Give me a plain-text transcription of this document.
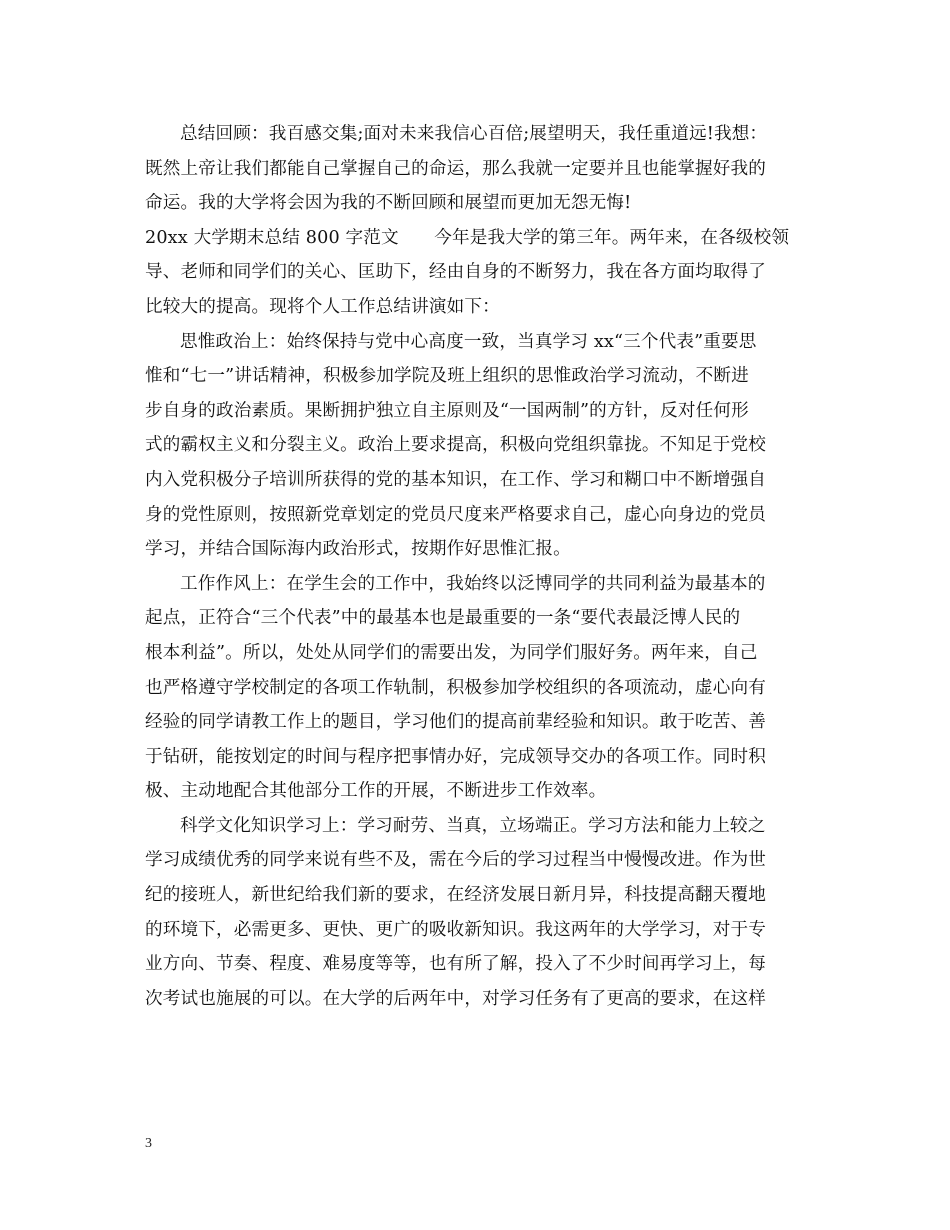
总结回顾：我百感交集;面对未来我信心百倍;展望明天，我任重道远!我想：
既然上帝让我们都能自己掌握自己的命运，那么我就一定要并且也能掌握好我的
命运。我的大学将会因为我的不断回顾和展望而更加无怨无悔!
20xx 大学期末总结 800 字范文　　今年是我大学的第三年。两年来，在各级校领
导、老师和同学们的关心、匡助下，经由自身的不断努力，我在各方面均取得了
比较大的提高。现将个人工作总结讲演如下：
思惟政治上：始终保持与党中心高度一致，当真学习 xx“三个代表”重要思
惟和“七一”讲话精神，积极参加学院及班上组织的思惟政治学习流动，不断进
步自身的政治素质。果断拥护独立自主原则及“一国两制”的方针，反对任何形
式的霸权主义和分裂主义。政治上要求提高，积极向党组织靠拢。不知足于党校
内入党积极分子培训所获得的党的基本知识，在工作、学习和糊口中不断增强自
身的党性原则，按照新党章划定的党员尺度来严格要求自己，虚心向身边的党员
学习，并结合国际海内政治形式，按期作好思惟汇报。
工作作风上：在学生会的工作中，我始终以泛博同学的共同利益为最基本的
起点，正符合“三个代表”中的最基本也是最重要的一条“要代表最泛博人民的
根本利益”。所以，处处从同学们的需要出发，为同学们服好务。两年来，自己
也严格遵守学校制定的各项工作轨制，积极参加学校组织的各项流动，虚心向有
经验的同学请教工作上的题目，学习他们的提高前辈经验和知识。敢于吃苦、善
于钻研，能按划定的时间与程序把事情办好，完成领导交办的各项工作。同时积
极、主动地配合其他部分工作的开展，不断进步工作效率。
科学文化知识学习上：学习耐劳、当真，立场端正。学习方法和能力上较之
学习成绩优秀的同学来说有些不及，需在今后的学习过程当中慢慢改进。作为世
纪的接班人，新世纪给我们新的要求，在经济发展日新月异，科技提高翻天覆地
的环境下，必需更多、更快、更广的吸收新知识。我这两年的大学学习，对于专
业方向、节奏、程度、难易度等等，也有所了解，投入了不少时间再学习上，每
次考试也施展的可以。在大学的后两年中，对学习任务有了更高的要求，在这样
3
